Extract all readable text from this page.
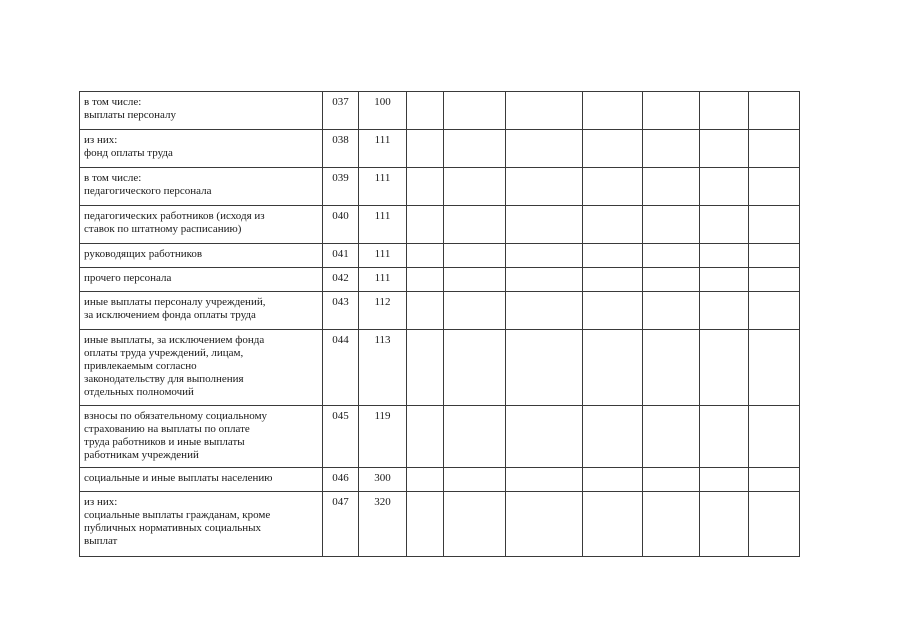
в том числе:
выплаты персоналу	037	100							

из них:
фонд оплаты труда	038	111							

в том числе:
педагогического персонала	039	111							

педагогических работников (исходя из
ставок по штатному расписанию)	040	111							

руководящих работников	041	111							

прочего персонала	042	111							

иные выплаты персоналу учреждений,
за исключением фонда оплаты труда	043	112							

иные выплаты, за исключением фонда
оплаты труда учреждений, лицам,
привлекаемым согласно
законодательству для выполнения
отдельных полномочий	044	113							

взносы по обязательному социальному
страхованию на выплаты по оплате
труда работников и иные выплаты
работникам учреждений	045	119							

социальные и иные выплаты населению	046	300							

из них:
социальные выплаты гражданам, кроме
публичных нормативных социальных
выплат	047	320							
